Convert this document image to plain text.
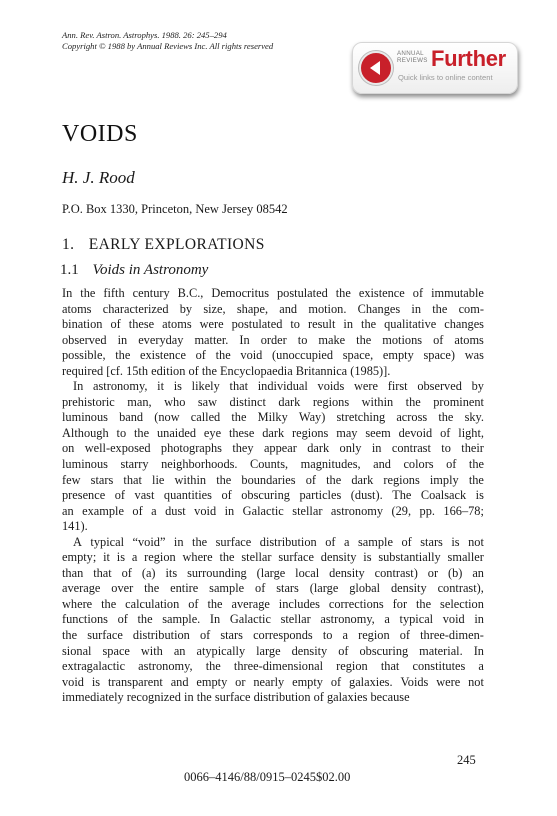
Ann. Rev. Astron. Astrophys. 1988. 26: 245–294
Copyright © 1988 by Annual Reviews Inc. All rights reserved
ANNUAL
REVIEWS Further
Quick links to online content
VOIDS
H. J. Rood
P.O. Box 1330, Princeton, New Jersey 08542
1. EARLY EXPLORATIONS
1.1 Voids in Astronomy
In the fifth century B.C., Democritus postulated the existence of immutable
atoms characterized by size, shape, and motion. Changes in the com-
bination of these atoms were postulated to result in the qualitative changes
observed in everyday matter. In order to make the motions of atoms
possible, the existence of the void (unoccupied space, empty space) was
required [cf. 15th edition of the Encyclopaedia Britannica (1985)].
In astronomy, it is likely that individual voids were first observed by
prehistoric man, who saw distinct dark regions within the prominent
luminous band (now called the Milky Way) stretching across the sky.
Although to the unaided eye these dark regions may seem devoid of light,
on well-exposed photographs they appear dark only in contrast to their
luminous starry neighborhoods. Counts, magnitudes, and colors of the
few stars that lie within the boundaries of the dark regions imply the
presence of vast quantities of obscuring particles (dust). The Coalsack is
an example of a dust void in Galactic stellar astronomy (29, pp. 166–78;
141).
A typical “void” in the surface distribution of a sample of stars is not
empty; it is a region where the stellar surface density is substantially smaller
than that of (a) its surrounding (large local density contrast) or (b) an
average over the entire sample of stars (large global density contrast),
where the calculation of the average includes corrections for the selection
functions of the sample. In Galactic stellar astronomy, a typical void in
the surface distribution of stars corresponds to a region of three-dimen-
sional space with an atypically large density of obscuring material. In
extragalactic astronomy, the three-dimensional region that constitutes a
void is transparent and empty or nearly empty of galaxies. Voids were not
immediately recognized in the surface distribution of galaxies because
245
0066–4146/88/0915–0245$02.00
